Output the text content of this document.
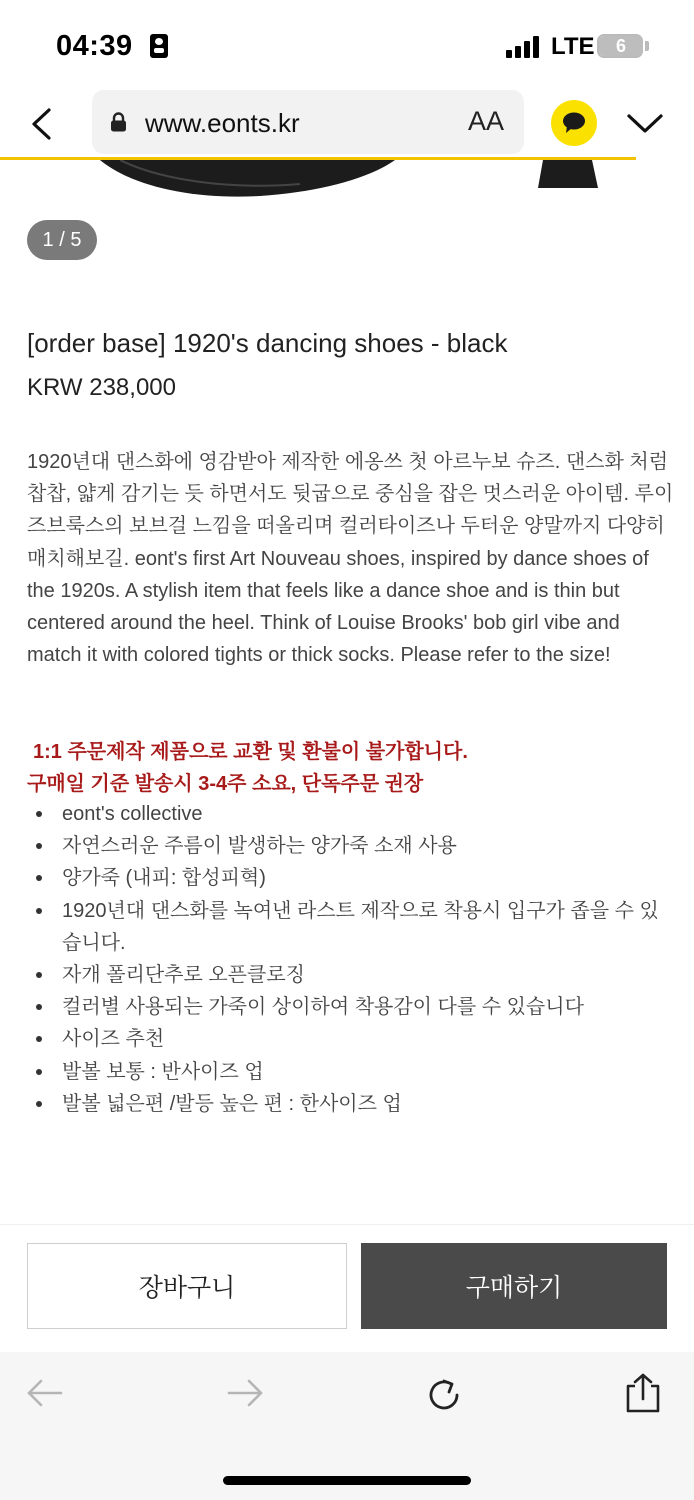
04:39	LTE	6
www.eonts.kr	AA
1 / 5
[order base] 1920's dancing shoes - black
KRW 238,000
1920년대 댄스화에 영감받아 제작한 에옹쓰 첫 아르누보 슈즈. 댄스화 처럼 찹찹, 얇게 감기는 듯 하면서도 뒷굽으로 중심을 잡은 멋스러운 아이템. 루이즈브룩스의 보브걸 느낌을 떠올리며 컬러타이즈나 두터운 양말까지 다양히 매치해보길. eont's first Art Nouveau shoes, inspired by dance shoes of the 1920s. A stylish item that feels like a dance shoe and is thin but centered around the heel. Think of Louise Brooks' bob girl vibe and match it with colored tights or thick socks. Please refer to the size!
1:1 주문제작 제품으로 교환 및 환불이 불가합니다.
구매일 기준 발송시 3-4주 소요, 단독주문 권장
eont's collective
자연스러운 주름이 발생하는 양가죽 소재 사용
양가죽 (내피: 합성피혁)
1920년대 댄스화를 녹여낸 라스트 제작으로 착용시 입구가 좁을 수 있습니다.
자개 폴리단추로 오픈클로징
컬러별 사용되는 가죽이 상이하여 착용감이 다를 수 있습니다
사이즈 추천
발볼 보통 : 반사이즈 업
발볼 넓은편 /발등 높은 편 : 한사이즈 업
장바구니	구매하기
